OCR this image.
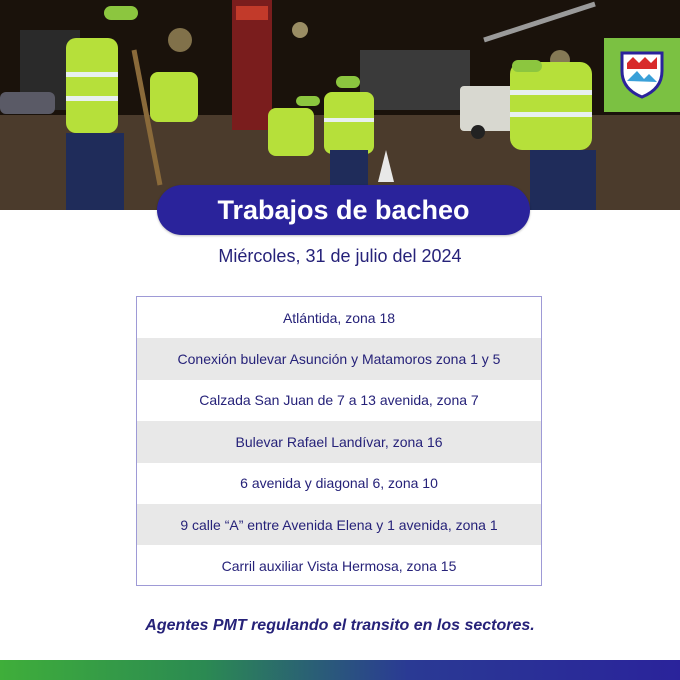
Trabajos de bacheo
Miércoles, 31 de julio del 2024
Atlántida, zona 18
Conexión bulevar Asunción y Matamoros zona 1 y 5
Calzada San Juan de 7 a 13 avenida, zona 7
Bulevar Rafael Landívar, zona 16
6 avenida y diagonal 6, zona 10
9 calle “A” entre Avenida Elena y 1 avenida, zona 1
Carril auxiliar Vista Hermosa, zona 15
Agentes PMT regulando el transito en los sectores.
